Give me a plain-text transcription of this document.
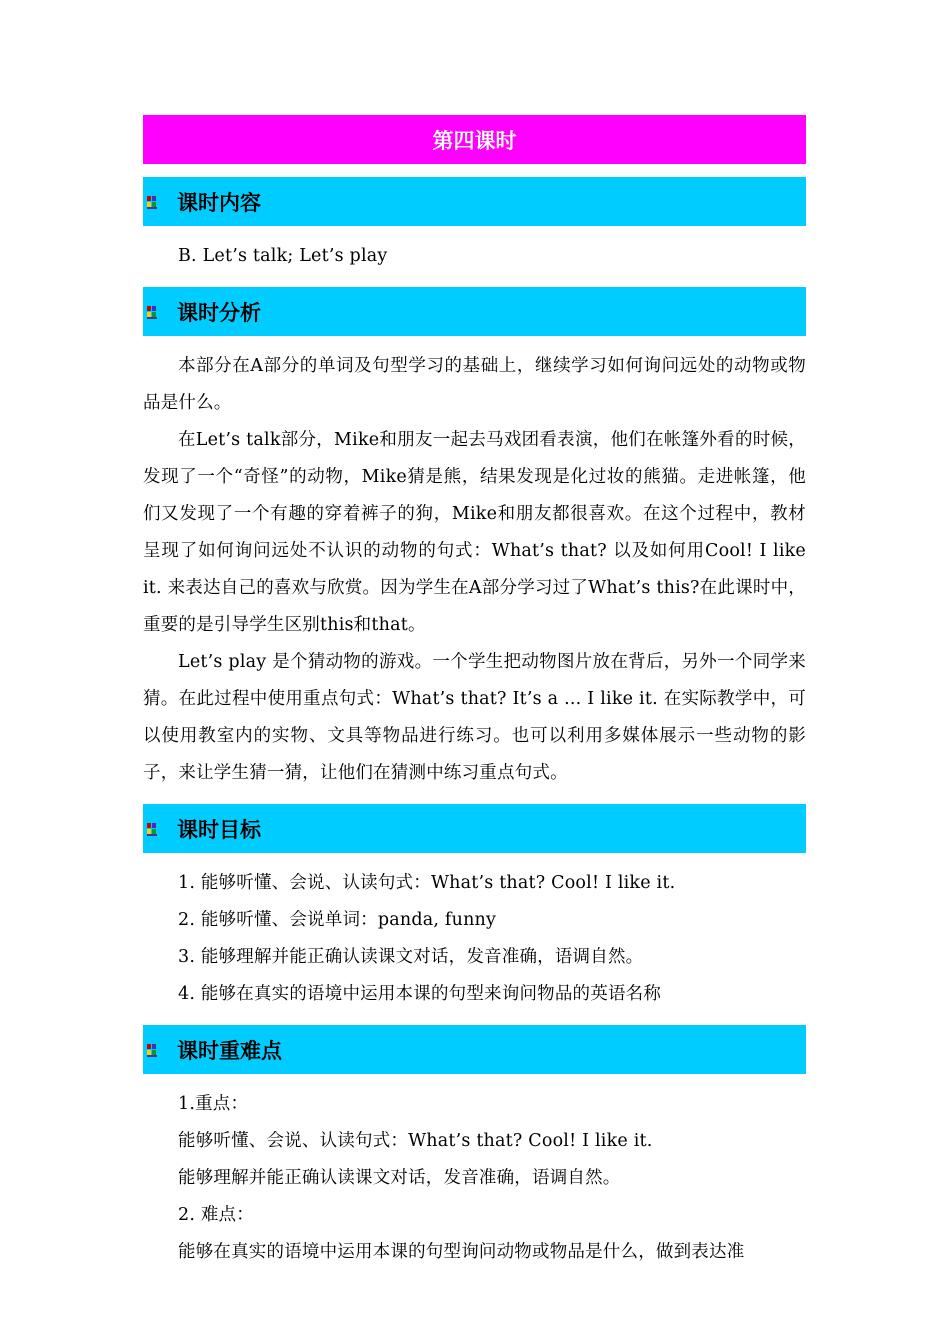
第四课时
课时内容

B. Let’s talk; Let’s play

课时分析

本部分在A部分的单词及句型学习的基础上，继续学习如何询问远处的动物或物品是什么。

在Let’s talk部分，Mike和朋友一起去马戏团看表演，他们在帐篷外看的时候，发现了一个“奇怪”的动物，Mike猜是熊，结果发现是化过妆的熊猫。走进帐篷，他们又发现了一个有趣的穿着裤子的狗，Mike和朋友都很喜欢。在这个过程中，教材呈现了如何询问远处不认识的动物的句式：What’s that? 以及如何用Cool! I like it. 来表达自己的喜欢与欣赏。因为学生在A部分学习过了What’s this?在此课时中，重要的是引导学生区别this和that。

Let’s play 是个猜动物的游戏。一个学生把动物图片放在背后，另外一个同学来猜。在此过程中使用重点句式：What’s that? It’s a ... I like it. 在实际教学中，可以使用教室内的实物、文具等物品进行练习。也可以利用多媒体展示一些动物的影子，来让学生猜一猜，让他们在猜测中练习重点句式。

课时目标

1. 能够听懂、会说、认读句式：What’s that? Cool! I like it.

2. 能够听懂、会说单词：panda, funny

3. 能够理解并能正确认读课文对话，发音准确，语调自然。

4. 能够在真实的语境中运用本课的句型来询问物品的英语名称

课时重难点

1.重点：

能够听懂、会说、认读句式：What’s that? Cool! I like it.

能够理解并能正确认读课文对话，发音准确，语调自然。

2. 难点：

能够在真实的语境中运用本课的句型询问动物或物品是什么，做到表达准
